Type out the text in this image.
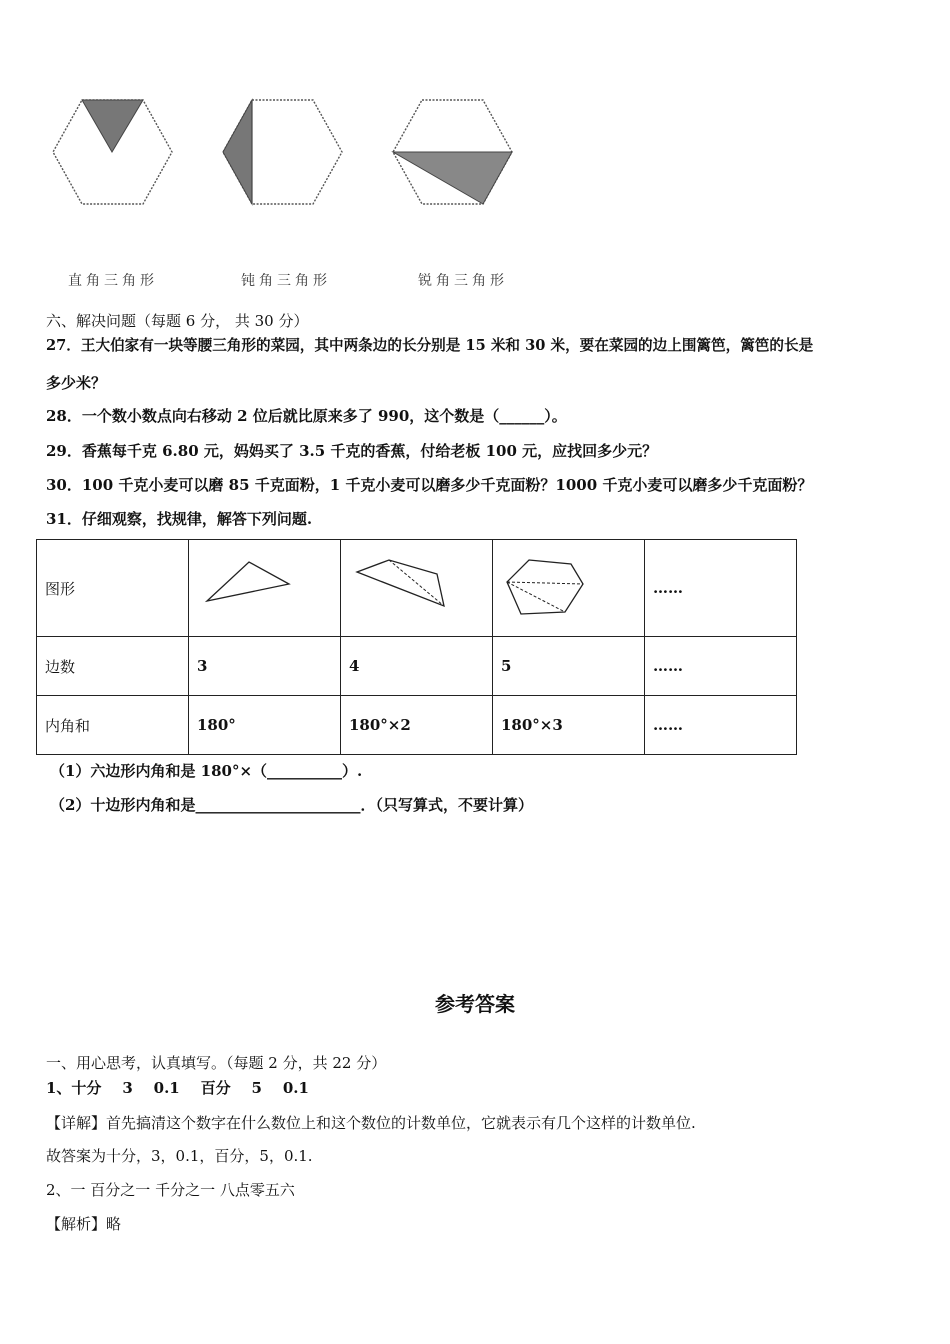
直角三角形	钝角三角形	锐角三角形
六、解决问题（每题 6 分， 共 30 分）
27．王大伯家有一块等腰三角形的菜园，其中两条边的长分别是 15 米和 30 米，要在菜园的边上围篱笆，篱笆的长是
多少米？
28．一个数小数点向右移动 2 位后就比原来多了 990，这个数是（______）。
29．香蕉每千克 6.80 元，妈妈买了 3.5 千克的香蕉，付给老板 100 元，应找回多少元？
30．100 千克小麦可以磨 85 千克面粉，1 千克小麦可以磨多少千克面粉？1000 千克小麦可以磨多少千克面粉？
31．仔细观察，找规律，解答下列问题.
图形				……
边数	3	4	5	……
内角和	180°	180°×2	180°×3	……
（1）六边形内角和是 180°×（__________）.
（2）十边形内角和是______________________．（只写算式，不要计算）
参考答案
一、用心思考，认真填写。（每题 2 分，共 22 分）
1、十分    3    0.1    百分    5    0.1
【详解】首先搞清这个数字在什么数位上和这个数位的计数单位，它就表示有几个这样的计数单位.
故答案为十分，3，0.1，百分，5，0.1.
2、一 百分之一 千分之一 八点零五六
【解析】略
